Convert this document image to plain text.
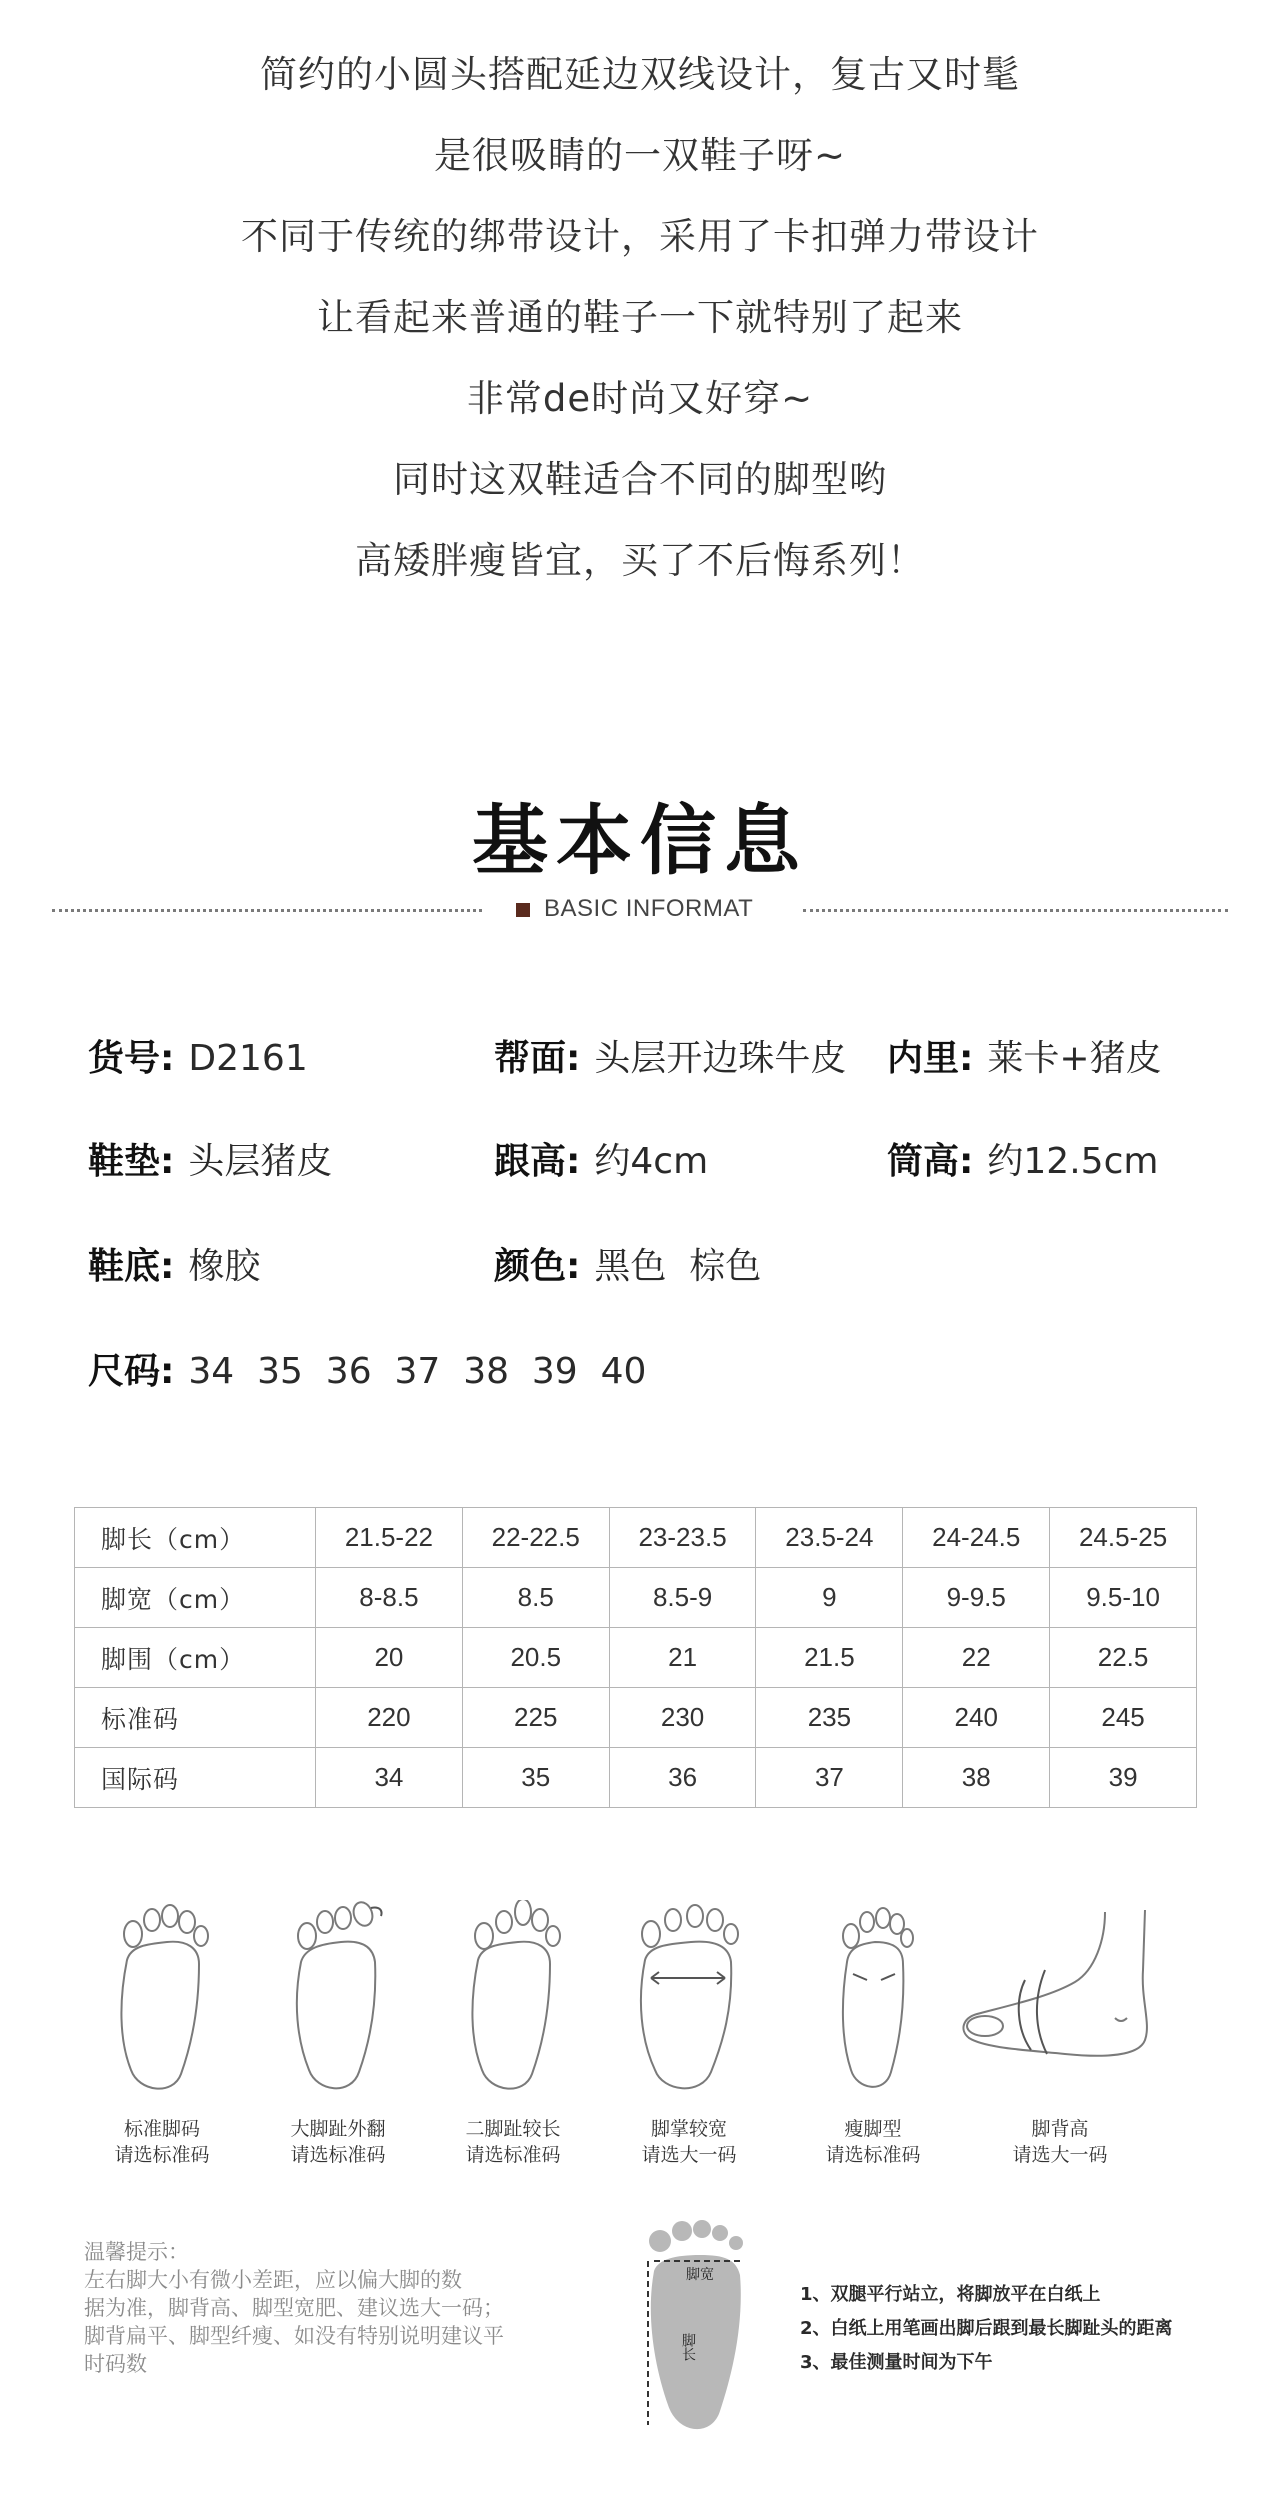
简约的小圆头搭配延边双线设计，复古又时髦
是很吸睛的一双鞋子呀~
不同于传统的绑带设计，采用了卡扣弹力带设计
让看起来普通的鞋子一下就特别了起来
非常de时尚又好穿~
同时这双鞋适合不同的脚型哟
高矮胖瘦皆宜，买了不后悔系列！
基本信息
BASIC INFORMAT
货号: D2161	帮面: 头层开边珠牛皮 内里: 莱卡+猪皮
鞋垫: 头层猪皮	跟高: 约4cm	筒高: 约12.5cm
鞋底: 橡胶	颜色: 黑色  棕色
尺码: 34  35  36  37  38  39  40
脚长（cm）	21.5-22	22-22.5	23-23.5	23.5-24	24-24.5	24.5-25
脚宽（cm）	8-8.5	8.5	8.5-9	9	9-9.5	9.5-10
脚围（cm）	20	20.5	21	21.5	22	22.5
标准码	220	225	230	235	240	245
国际码	34	35	36	37	38	39
标准脚码
请选标准码
大脚趾外翻
请选标准码
二脚趾较长
请选标准码
脚掌较宽
请选大一码
瘦脚型
请选标准码
脚背高
请选大一码
温馨提示：
左右脚大小有微小差距，应以偏大脚的数
据为准，脚背高、脚型宽肥、建议选大一码；
脚背扁平、脚型纤瘦、如没有特别说明建议平
时码数
脚宽
脚长
1、双腿平行站立，将脚放平在白纸上
2、白纸上用笔画出脚后跟到最长脚趾头的距离
3、最佳测量时间为下午
